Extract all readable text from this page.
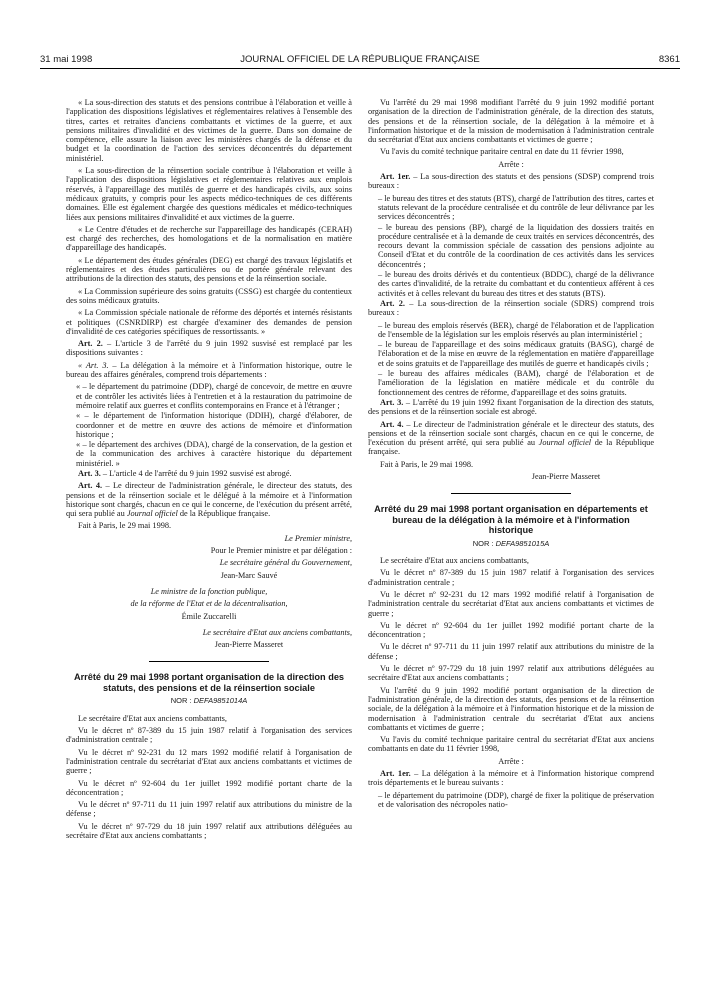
31 mai 1998	JOURNAL OFFICIEL DE LA RÉPUBLIQUE FRANÇAISE	8361

« La sous-direction des statuts et des pensions contribue à l'élaboration et veille à l'application des dispositions législatives et réglementaires relatives à l'ensemble des titres, cartes et retraites d'anciens combattants et victimes de la guerre, et aux pensions militaires d'invalidité et des victimes de la guerre. Dans son domaine de compétence, elle assure la liaison avec les ministères chargés de la défense et du budget et la coordination de l'action des services déconcentrés du département ministériel.

« La sous-direction de la réinsertion sociale contribue à l'élaboration et veille à l'application des dispositions législatives et réglementaires relatives aux emplois réservés, à l'appareillage des mutilés de guerre et des handicapés civils, aux soins médicaux gratuits, y compris pour les aspects médico-techniques de ces différents domaines. Elle est également chargée des questions médicales et médico-techniques liées aux pensions militaires d'invalidité et aux victimes de la guerre.

« Le Centre d'études et de recherche sur l'appareillage des handicapés (CERAH) est chargé des recherches, des homologations et de la normalisation en matière d'appareillage des handicapés.

« Le département des études générales (DEG) est chargé des travaux législatifs et réglementaires et des études particulières ou de portée générale relevant des attributions de la direction des statuts, des pensions et de la réinsertion sociale.

« La Commission supérieure des soins gratuits (CSSG) est chargée du contentieux des soins médicaux gratuits.

« La Commission spéciale nationale de réforme des déportés et internés résistants et politiques (CSNRDIRP) est chargée d'examiner des demandes de pension d'invalidité de ces catégories spécifiques de ressortissants. »

Art. 2. – L'article 3 de l'arrêté du 9 juin 1992 susvisé est remplacé par les dispositions suivantes :

« Art. 3. – La délégation à la mémoire et à l'information historique, outre le bureau des affaires générales, comprend trois départements :

« – le département du patrimoine (DDP), chargé de concevoir, de mettre en œuvre et de contrôler les activités liées à l'entretien et à la restauration du patrimoine de mémoire relatif aux guerres et conflits contemporains en France et à l'étranger ;

« – le département de l'information historique (DDIH), chargé d'élaborer, de coordonner et de mettre en œuvre des actions de mémoire et d'information historique ;

« – le département des archives (DDA), chargé de la conservation, de la gestion et de la communication des archives à caractère historique du département ministériel. »

Art. 3. – L'article 4 de l'arrêté du 9 juin 1992 susvisé est abrogé.

Art. 4. – Le directeur de l'administration générale, le directeur des statuts, des pensions et de la réinsertion sociale et le délégué à la mémoire et à l'information historique sont chargés, chacun en ce qui le concerne, de l'exécution du présent arrêté, qui sera publié au Journal officiel de la République française.

Fait à Paris, le 29 mai 1998.

Le Premier ministre,

Pour le Premier ministre et par délégation :

Le secrétaire général du Gouvernement,

Jean-Marc Sauvé

Le ministre de la fonction publique,

de la réforme de l'Etat et de la décentralisation,

Émile Zuccarelli

Le secrétaire d'Etat aux anciens combattants,

Jean-Pierre Masseret

Arrêté du 29 mai 1998 portant organisation de la direction des statuts, des pensions et de la réinsertion sociale
NOR : DEFA9851014A

Le secrétaire d'Etat aux anciens combattants,

Vu le décret nº 87-389 du 15 juin 1987 relatif à l'organisation des services d'administration centrale ;

Vu le décret nº 92-231 du 12 mars 1992 modifié relatif à l'organisation de l'administration centrale du secrétariat d'Etat aux anciens combattants et victimes de guerre ;

Vu le décret nº 92-604 du 1er juillet 1992 modifié portant charte de la déconcentration ;

Vu le décret nº 97-711 du 11 juin 1997 relatif aux attributions du ministre de la défense ;

Vu le décret nº 97-729 du 18 juin 1997 relatif aux attributions déléguées au secrétaire d'Etat aux anciens combattants ;

Vu l'arrêté du 29 mai 1998 modifiant l'arrêté du 9 juin 1992 modifié portant organisation de la direction de l'administration générale, de la direction des statuts, des pensions et de la réinsertion sociale, de la délégation à la mémoire et à l'information historique et de la mission de modernisation à l'administration centrale du secrétariat d'Etat aux anciens combattants et victimes de guerre ;

Vu l'avis du comité technique paritaire central en date du 11 février 1998,

Arrête :

Art. 1er. – La sous-direction des statuts et des pensions (SDSP) comprend trois bureaux :

– le bureau des titres et des statuts (BTS), chargé de l'attribution des titres, cartes et statuts relevant de la procédure centralisée et du contrôle de leur délivrance par les services déconcentrés ;

– le bureau des pensions (BP), chargé de la liquidation des dossiers traités en procédure centralisée et à la demande de ceux traités en services déconcentrés, des recours devant la commission spéciale de cassation des pensions adjointe au Conseil d'Etat et du contrôle de la coordination de ces activités dans les services déconcentrés ;

– le bureau des droits dérivés et du contentieux (BDDC), chargé de la délivrance des cartes d'invalidité, de la retraite du combattant et du contentieux afférent à ces activités et à celles relevant du bureau des titres et des statuts (BTS).

Art. 2. – La sous-direction de la réinsertion sociale (SDRS) comprend trois bureaux :

– le bureau des emplois réservés (BER), chargé de l'élaboration et de l'application de l'ensemble de la législation sur les emplois réservés au plan interministériel ;

– le bureau de l'appareillage et des soins médicaux gratuits (BASG), chargé de l'élaboration et de la mise en œuvre de la réglementation en matière d'appareillage et de soins gratuits et de l'appareillage des mutilés de guerre et handicapés civils ;

– le bureau des affaires médicales (BAM), chargé de l'élaboration et de l'amélioration de la législation en matière médicale et du contrôle du fonctionnement des centres de réforme, d'appareillage et des soins gratuits.

Art. 3. – L'arrêté du 19 juin 1992 fixant l'organisation de la direction des statuts, des pensions et de la réinsertion sociale est abrogé.

Art. 4. – Le directeur de l'administration générale et le directeur des statuts, des pensions et de la réinsertion sociale sont chargés, chacun en ce qui le concerne, de l'exécution du présent arrêté, qui sera publié au Journal officiel de la République française.

Fait à Paris, le 29 mai 1998.

Jean-Pierre Masseret

Arrêté du 29 mai 1998 portant organisation en départements et bureau de la délégation à la mémoire et à l'information historique
NOR : DEFA9851015A

Le secrétaire d'Etat aux anciens combattants,

Vu le décret nº 87-389 du 15 juin 1987 relatif à l'organisation des services d'administration centrale ;

Vu le décret nº 92-231 du 12 mars 1992 modifié relatif à l'organisation de l'administration centrale du secrétariat d'Etat aux anciens combattants et victimes de guerre ;

Vu le décret nº 92-604 du 1er juillet 1992 modifié portant charte de la déconcentration ;

Vu le décret nº 97-711 du 11 juin 1997 relatif aux attributions du ministre de la défense ;

Vu le décret nº 97-729 du 18 juin 1997 relatif aux attributions déléguées au secrétaire d'Etat aux anciens combattants ;

Vu l'arrêté du 9 juin 1992 modifié portant organisation de la direction de l'administration générale, de la direction des statuts, des pensions et de la réinsertion sociale, de la délégation à la mémoire et à l'information historique et de la mission de modernisation à l'administration centrale du secrétariat d'Etat aux anciens combattants et victimes de guerre ;

Vu l'avis du comité technique paritaire central du secrétariat d'Etat aux anciens combattants en date du 11 février 1998,

Arrête :

Art. 1er. – La délégation à la mémoire et à l'information historique comprend trois départements et le bureau suivants :

– le département du patrimoine (DDP), chargé de fixer la politique de préservation et de valorisation des nécropoles natio-
